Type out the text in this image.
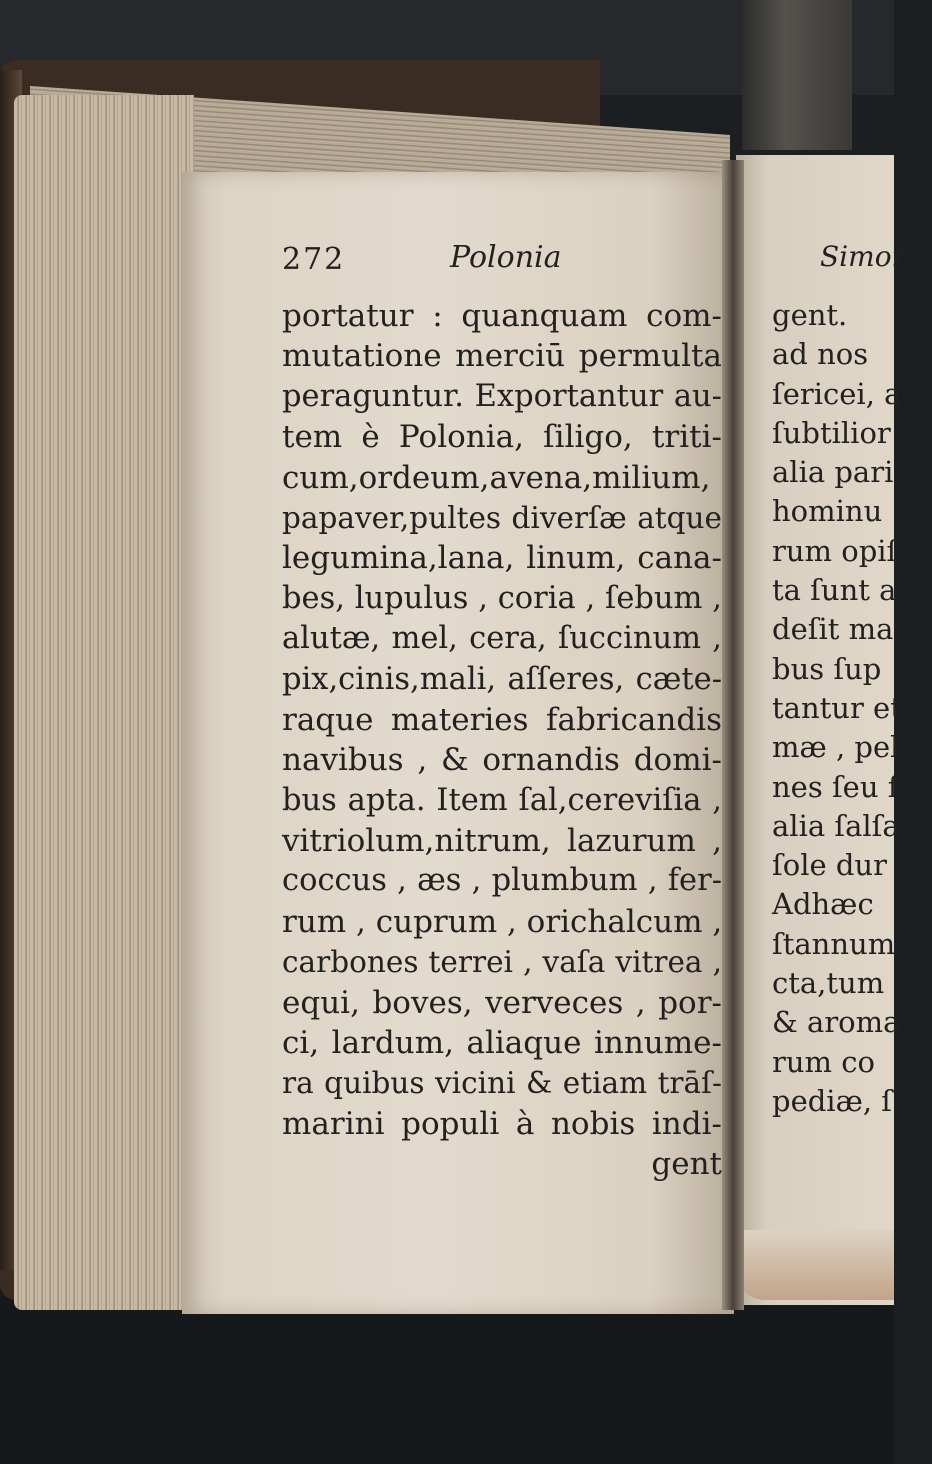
272	Polonia
portatur : quanquam com-
mutatione merciū permulta
peraguntur. Exportantur au-
tem è Polonia, ſiligo, triti-
cum,ordeum,avena,milium,
papaver,pultes diverſæ atque
legumina,lana, linum, cana-
bes, lupulus , coria , ſebum ,
alutæ, mel, cera, ſuccinum ,
pix,cinis,mali, aſſeres, cæte-
raque materies fabricandis
navibus , & ornandis domi-
bus apta. Item ſal,cereviſia ,
vitriolum,nitrum, lazurum ,
coccus , æs , plumbum , fer-
rum , cuprum , orichalcum ,
carbones terrei , vaſa vitrea ,
equi, boves, verveces , por-
ci, lardum, aliaque innume-
ra quibus vicini & etiam trāſ-
marini populi à nobis indi-
gent
Simor
gent.
ad nos
ſericei, a
ſubtilior
alia pari
hominu
rum opiſ
ta ſunt a
deſit ma
bus ſup
tantur et
mæ , pel
nes ſeu ſ
alia ſalſa
ſole dur
Adhæc
ſtannum
cta,tum
& aroma
rum co
pediæ, ſ
